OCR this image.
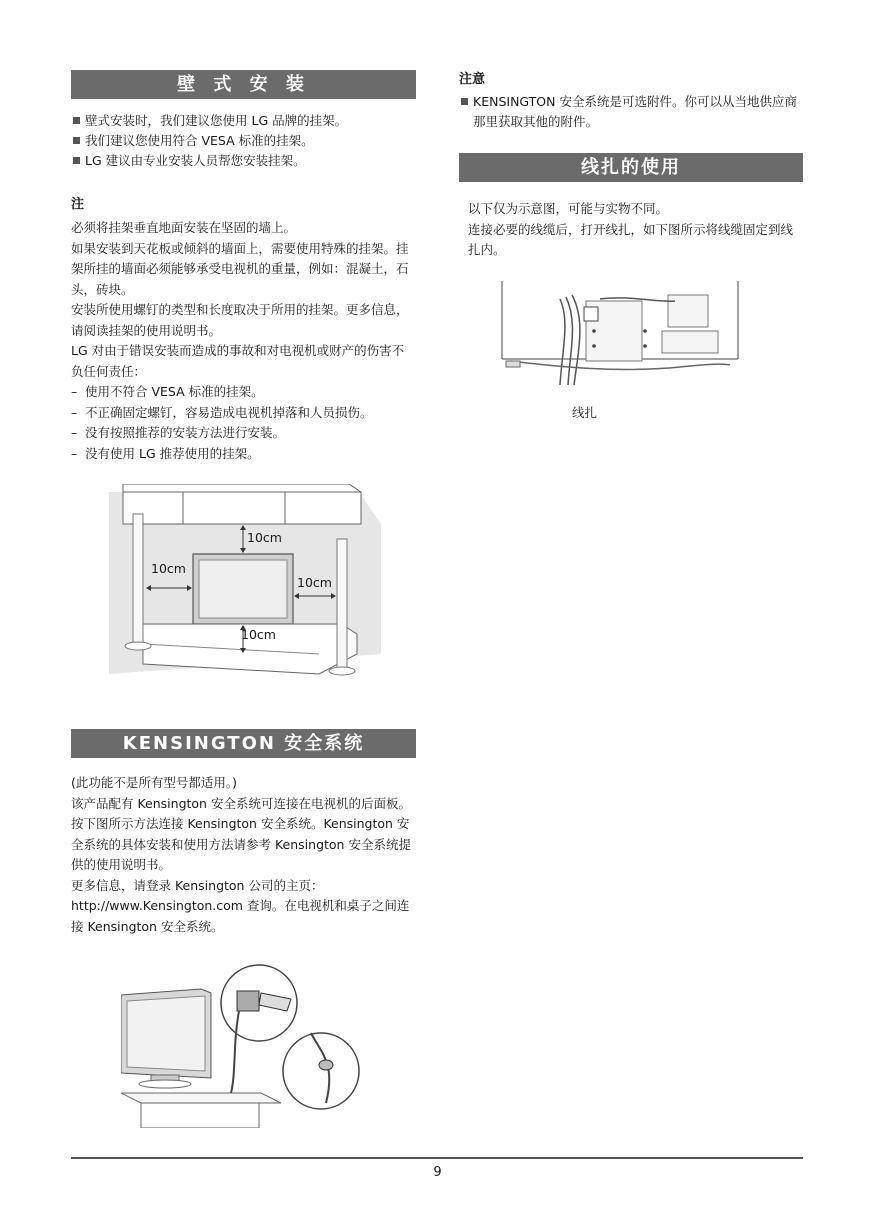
壁 式 安 装
壁式安装时，我们建议您使用 LG 品牌的挂架。
我们建议您使用符合 VESA 标准的挂架。
LG 建议由专业安装人员帮您安装挂架。
注

必须将挂架垂直地面安装在坚固的墙上。

如果安装到天花板或倾斜的墙面上，需要使用特殊的挂架。挂架所挂的墙面必须能够承受电视机的重量，例如：混凝土，石头，砖块。

安装所使用螺钉的类型和长度取决于所用的挂架。更多信息，请阅读挂架的使用说明书。

LG 对由于错误安装而造成的事故和对电视机或财产的伤害不负任何责任：

– 使用不符合 VESA 标准的挂架。
– 不正确固定螺钉，容易造成电视机掉落和人员损伤。
– 没有按照推荐的安装方法进行安装。
– 没有使用 LG 推荐使用的挂架。
10cm
10cm
10cm
10cm
KENSINGTON 安全系统

(此功能不是所有型号都适用。)

该产品配有 Kensington 安全系统可连接在电视机的后面板。按下图所示方法连接 Kensington 安全系统。Kensington 安全系统的具体安装和使用方法请参考 Kensington 安全系统提供的使用说明书。

更多信息，请登录 Kensington 公司的主页：http://www.Kensington.com 查询。在电视机和桌子之间连接 Kensington 安全系统。

注意
KENSINGTON 安全系统是可选附件。你可以从当地供应商那里获取其他的附件。
线扎的使用

以下仅为示意图，可能与实物不同。

连接必要的线缆后，打开线扎，如下图所示将线缆固定到线扎内。

线扎
9
